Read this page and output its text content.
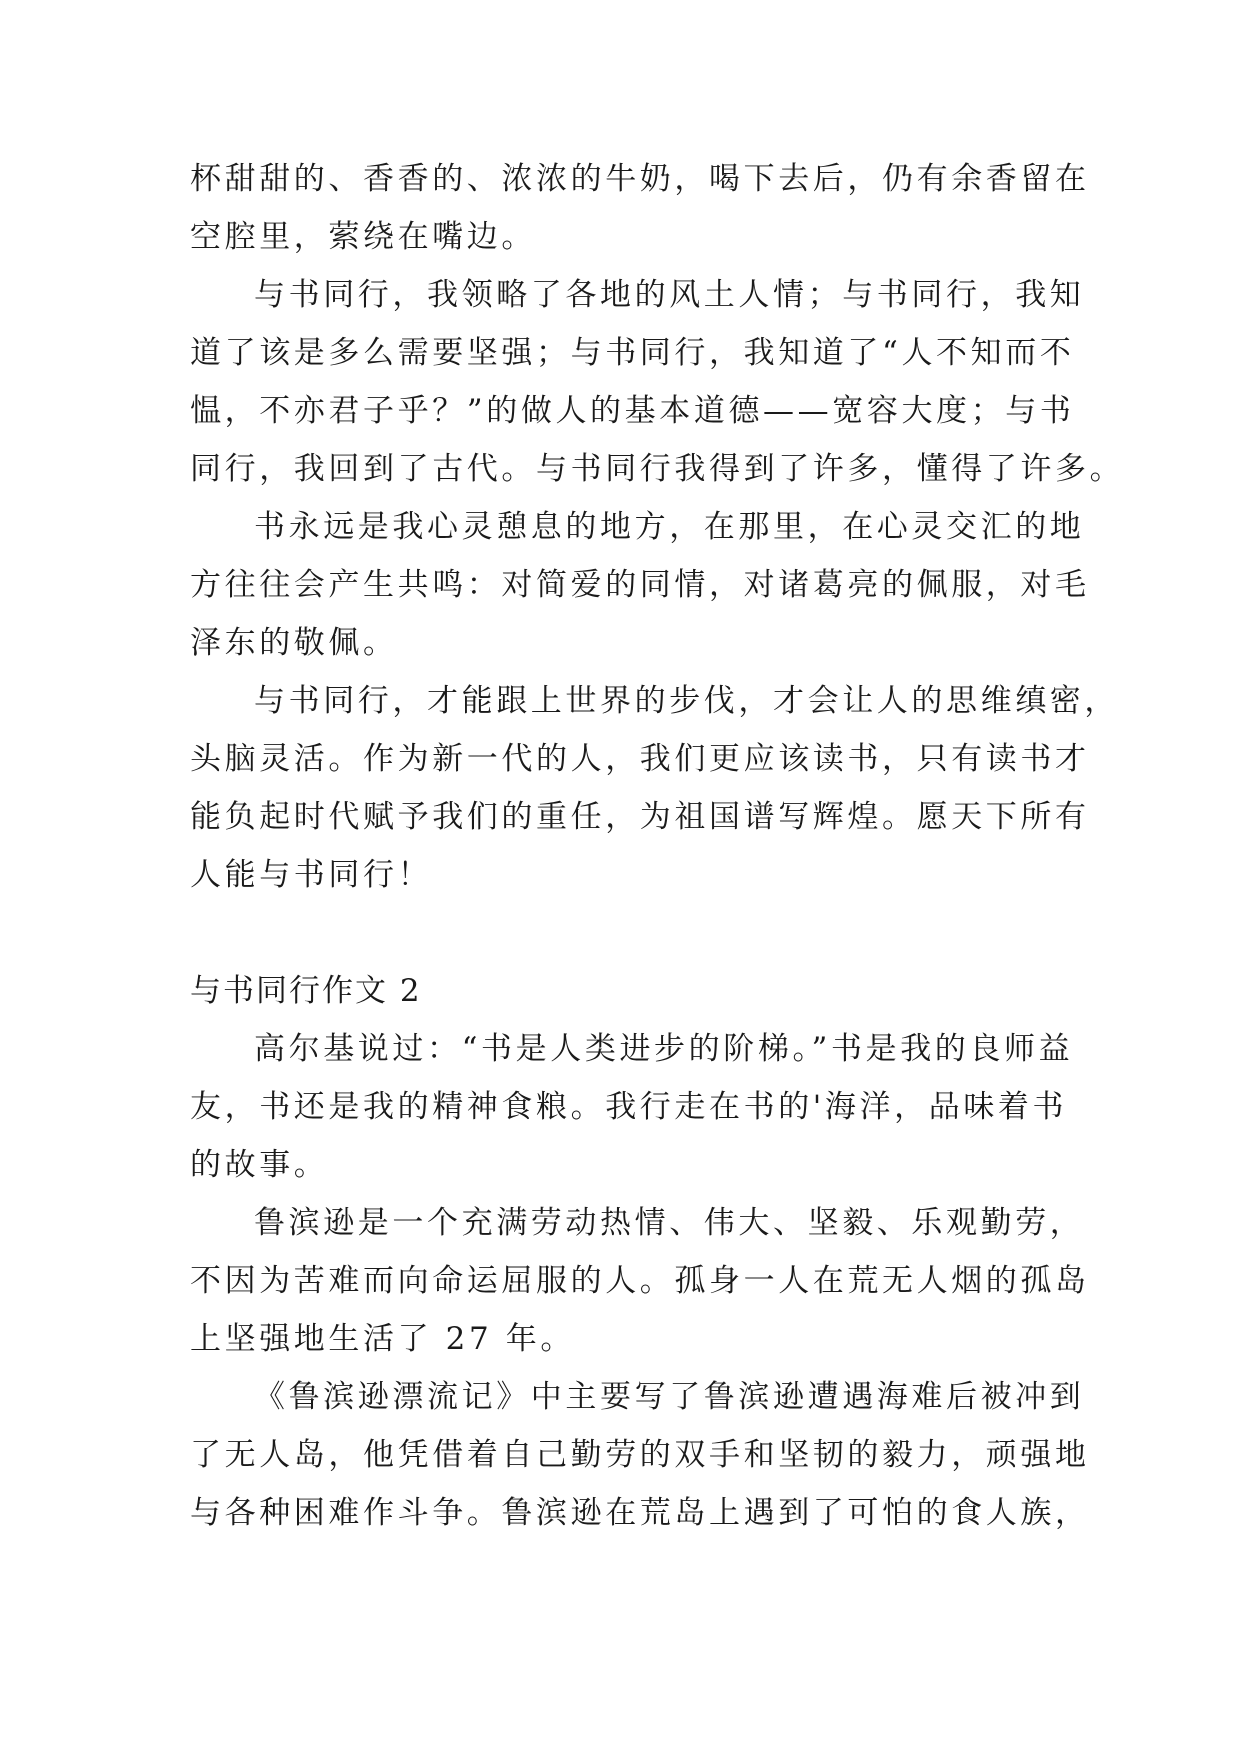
杯甜甜的、香香的、浓浓的牛奶，喝下去后，仍有余香留在
空腔里，萦绕在嘴边。
与书同行，我领略了各地的风土人情；与书同行，我知
道了该是多么需要坚强；与书同行，我知道了“人不知而不
愠，不亦君子乎？”的做人的基本道德——宽容大度；与书
同行，我回到了古代。与书同行我得到了许多，懂得了许多。
书永远是我心灵憩息的地方，在那里，在心灵交汇的地
方往往会产生共鸣：对简爱的同情，对诸葛亮的佩服，对毛
泽东的敬佩。
与书同行，才能跟上世界的步伐，才会让人的思维缜密，
头脑灵活。作为新一代的人，我们更应该读书，只有读书才
能负起时代赋予我们的重任，为祖国谱写辉煌。愿天下所有
人能与书同行！
与书同行作文 2
高尔基说过：“书是人类进步的阶梯。”书是我的良师益
友，书还是我的精神食粮。我行走在书的'海洋，品味着书
的故事。
鲁滨逊是一个充满劳动热情、伟大、坚毅、乐观勤劳，
不因为苦难而向命运屈服的人。孤身一人在荒无人烟的孤岛
上坚强地生活了 27 年。
《鲁滨逊漂流记》中主要写了鲁滨逊遭遇海难后被冲到
了无人岛，他凭借着自己勤劳的双手和坚韧的毅力，顽强地
与各种困难作斗争。鲁滨逊在荒岛上遇到了可怕的食人族，
